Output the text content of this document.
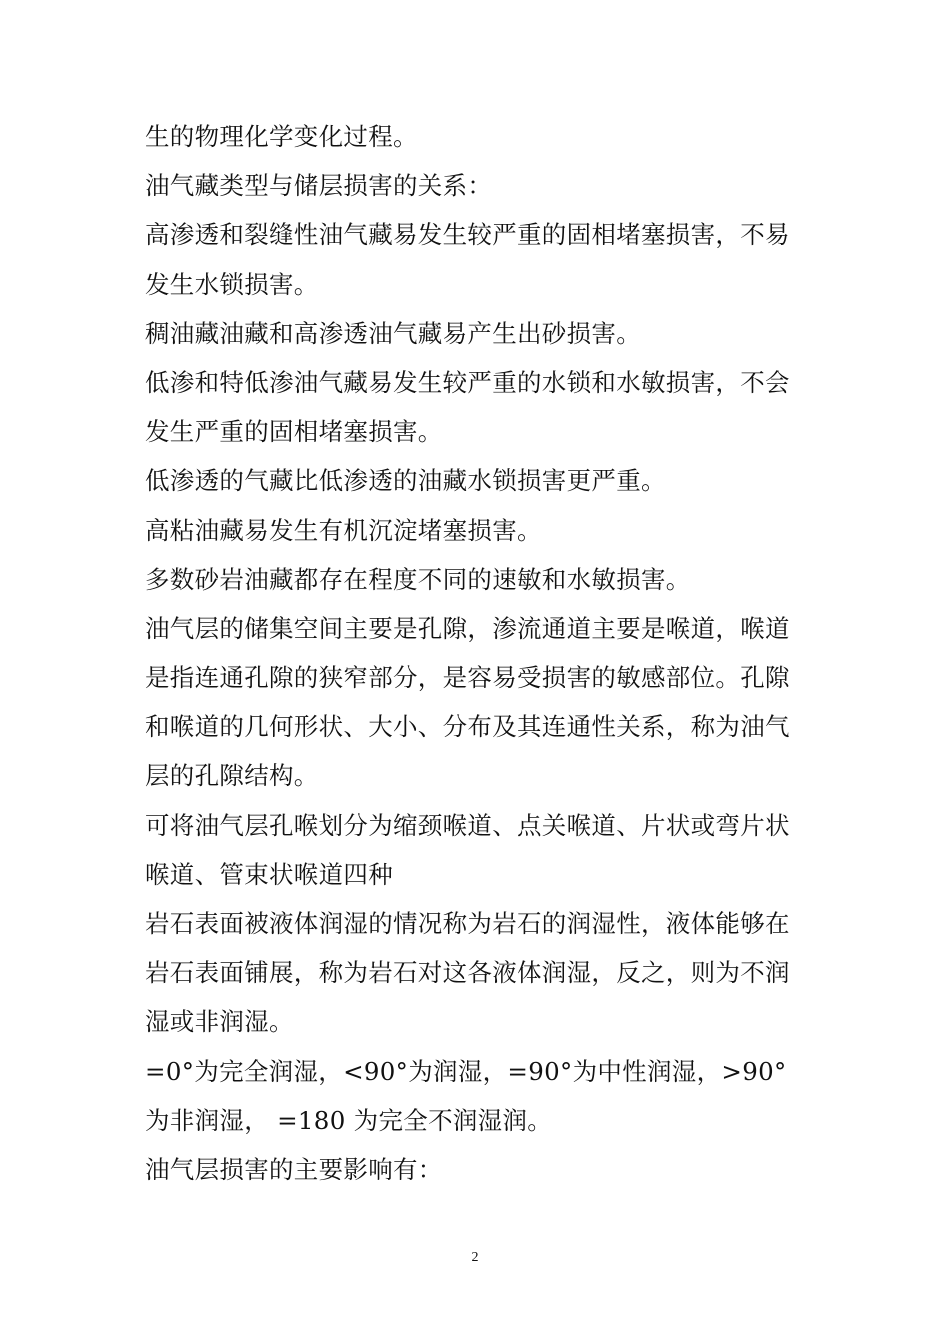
生的物理化学变化过程。
油气藏类型与储层损害的关系：
高渗透和裂缝性油气藏易发生较严重的固相堵塞损害，不易
发生水锁损害。
稠油藏油藏和高渗透油气藏易产生出砂损害。
低渗和特低渗油气藏易发生较严重的水锁和水敏损害，不会
发生严重的固相堵塞损害。
低渗透的气藏比低渗透的油藏水锁损害更严重。
高粘油藏易发生有机沉淀堵塞损害。
多数砂岩油藏都存在程度不同的速敏和水敏损害。
油气层的储集空间主要是孔隙，渗流通道主要是喉道，喉道
是指连通孔隙的狭窄部分，是容易受损害的敏感部位。孔隙
和喉道的几何形状、大小、分布及其连通性关系，称为油气
层的孔隙结构。
可将油气层孔喉划分为缩颈喉道、点关喉道、片状或弯片状
喉道、管束状喉道四种
岩石表面被液体润湿的情况称为岩石的润湿性，液体能够在
岩石表面铺展，称为岩石对这各液体润湿，反之，则为不润
湿或非润湿。
=0°为完全润湿，<90°为润湿，=90°为中性润湿，>90°
为非润湿， =180 为完全不润湿润。
油气层损害的主要影响有：
2
